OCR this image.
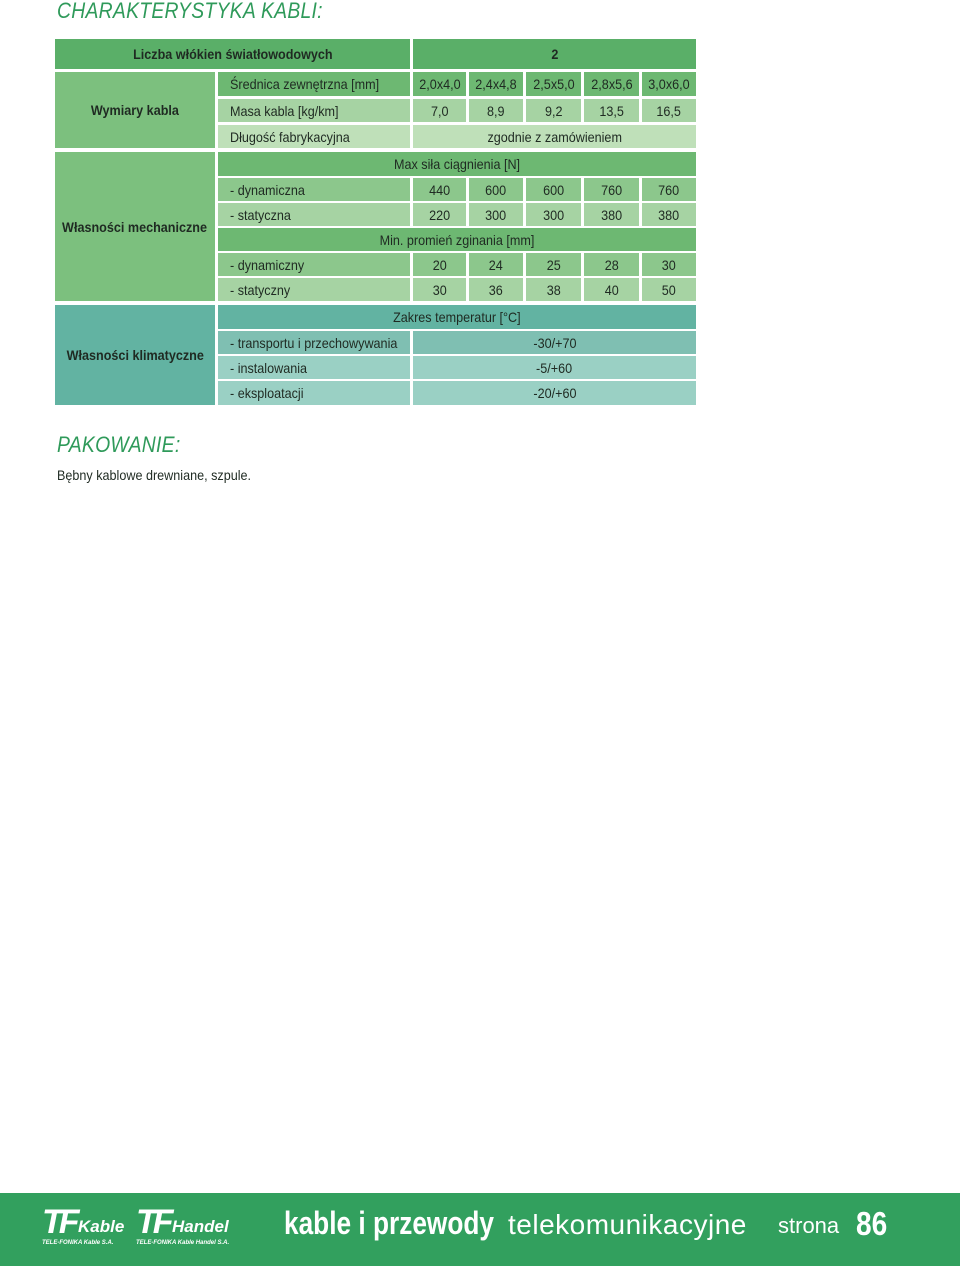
CHARAKTERYSTYKA KABLI:
Liczba włókien światłowodowych	2
Wymiary kabla
Średnica zewnętrzna [mm]	2,0x4,0 2,4x4,8 2,5x5,0 2,8x5,6 3,0x6,0
Masa kabla [kg/km]	7,0	8,9	9,2	13,5 16,5
Długość fabrykacyjna	zgodnie z zamówieniem
Własności mechaniczne
Max siła ciągnienia [N]
- dynamiczna	440	600	600	760	760
- statyczna	220	300	300	380	380
Min. promień zginania [mm]
- dynamiczny	20	24	25	28	30
- statyczny	30	36	38	40	50
Własności klimatyczne
Zakres temperatur [°C]
- transportu i przechowywania	-30/+70
- instalowania	-5/+60
- eksploatacji	-20/+60
PAKOWANIE:
Bębny kablowe drewniane, szpule.
TF Kable
TELE-FONIKA Kable S.A.
TF Handel
TELE-FONIKA Kable Handel S.A.
kable i przewody telekomunikacyjne strona 86
